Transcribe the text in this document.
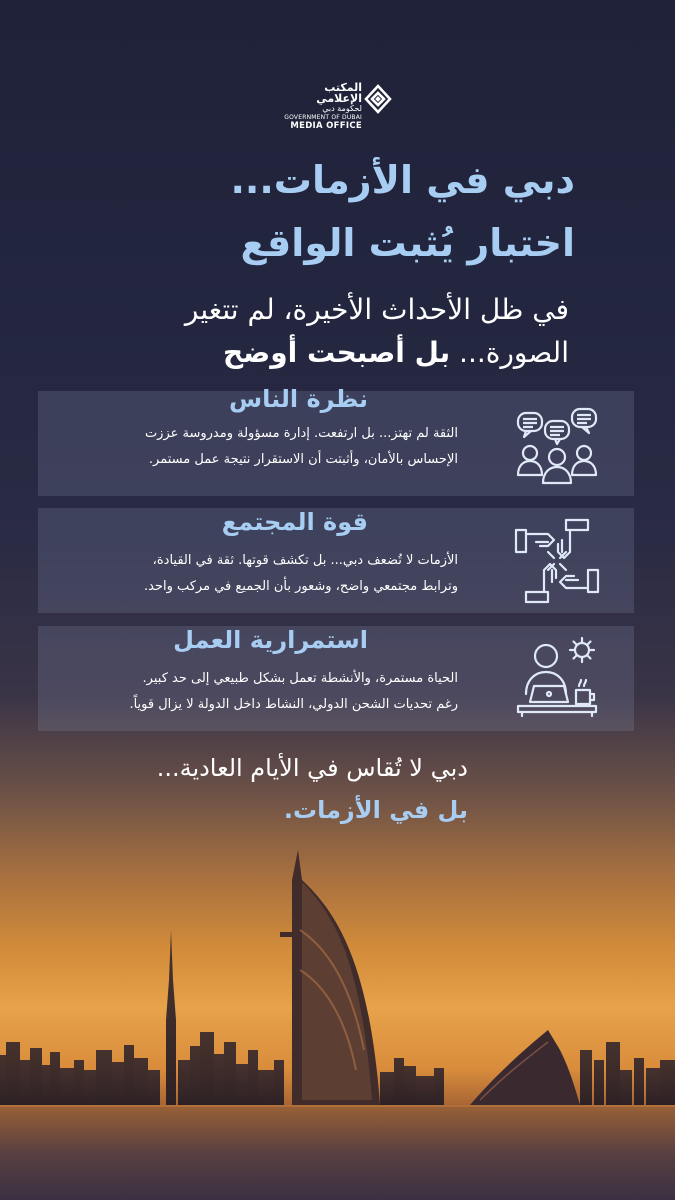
المكتب الإعلامي
لحكومة دبي
GOVERNMENT OF DUBAI
MEDIA OFFICE
دبي في الأزمات...
اختبار يُثبت الواقع
في ظل الأحداث الأخيرة، لم تتغير
الصورة... بل أصبحت أوضح
نظرة الناس
الثقة لم تهتز... بل ارتفعت. إدارة مسؤولة ومدروسة عززت
الإحساس بالأمان، وأثبتت أن الاستقرار نتيجة عمل مستمر.
قوة المجتمع
الأزمات لا تُضعف دبي... بل تكشف قوتها. ثقة في القيادة،
وترابط مجتمعي واضح، وشعور بأن الجميع في مركب واحد.
استمرارية العمل
الحياة مستمرة، والأنشطة تعمل بشكل طبيعي إلى حد كبير.
رغم تحديات الشحن الدولي، النشاط داخل الدولة لا يزال قوياً.
دبي لا تُقاس في الأيام العادية...
بل في الأزمات.
